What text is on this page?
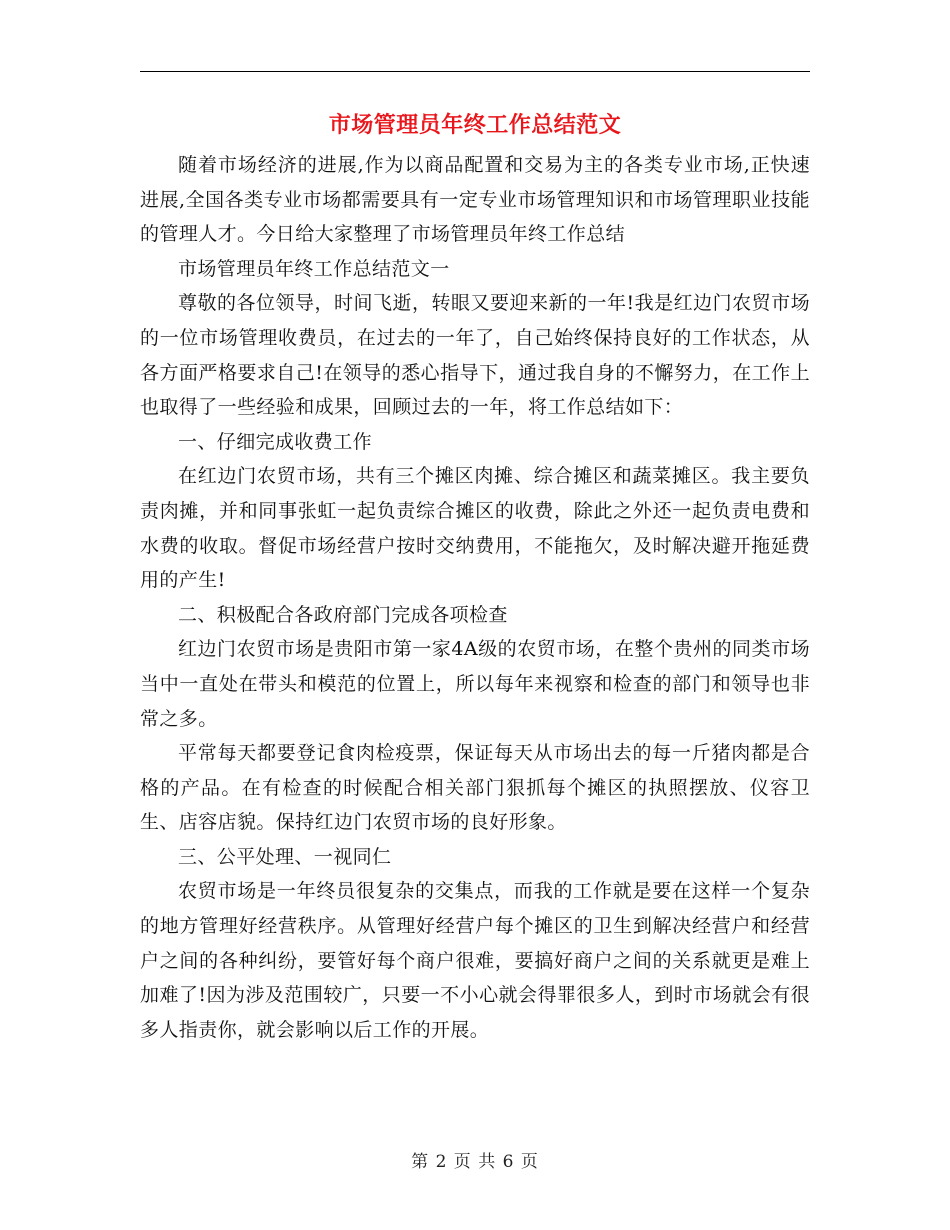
市场管理员年终工作总结范文

随着市场经济的进展,作为以商品配置和交易为主的各类专业市场,正快速进展,全国各类专业市场都需要具有一定专业市场管理知识和市场管理职业技能的管理人才。今日给大家整理了市场管理员年终工作总结

市场管理员年终工作总结范文一

尊敬的各位领导，时间飞逝，转眼又要迎来新的一年!我是红边门农贸市场的一位市场管理收费员，在过去的一年了，自己始终保持良好的工作状态，从各方面严格要求自己!在领导的悉心指导下，通过我自身的不懈努力，在工作上也取得了一些经验和成果，回顾过去的一年，将工作总结如下：

一、仔细完成收费工作

在红边门农贸市场，共有三个摊区肉摊、综合摊区和蔬菜摊区。我主要负责肉摊，并和同事张虹一起负责综合摊区的收费，除此之外还一起负责电费和水费的收取。督促市场经营户按时交纳费用，不能拖欠，及时解决避开拖延费用的产生!

二、积极配合各政府部门完成各项检查

红边门农贸市场是贵阳市第一家4A级的农贸市场，在整个贵州的同类市场当中一直处在带头和模范的位置上，所以每年来视察和检查的部门和领导也非常之多。

平常每天都要登记食肉检疫票，保证每天从市场出去的每一斤猪肉都是合格的产品。在有检查的时候配合相关部门狠抓每个摊区的执照摆放、仪容卫生、店容店貌。保持红边门农贸市场的良好形象。

三、公平处理、一视同仁

农贸市场是一年终员很复杂的交集点，而我的工作就是要在这样一个复杂的地方管理好经营秩序。从管理好经营户每个摊区的卫生到解决经营户和经营户之间的各种纠纷，要管好每个商户很难，要搞好商户之间的关系就更是难上加难了!因为涉及范围较广，只要一不小心就会得罪很多人，到时市场就会有很多人指责你，就会影响以后工作的开展。

第 2 页 共 6 页
